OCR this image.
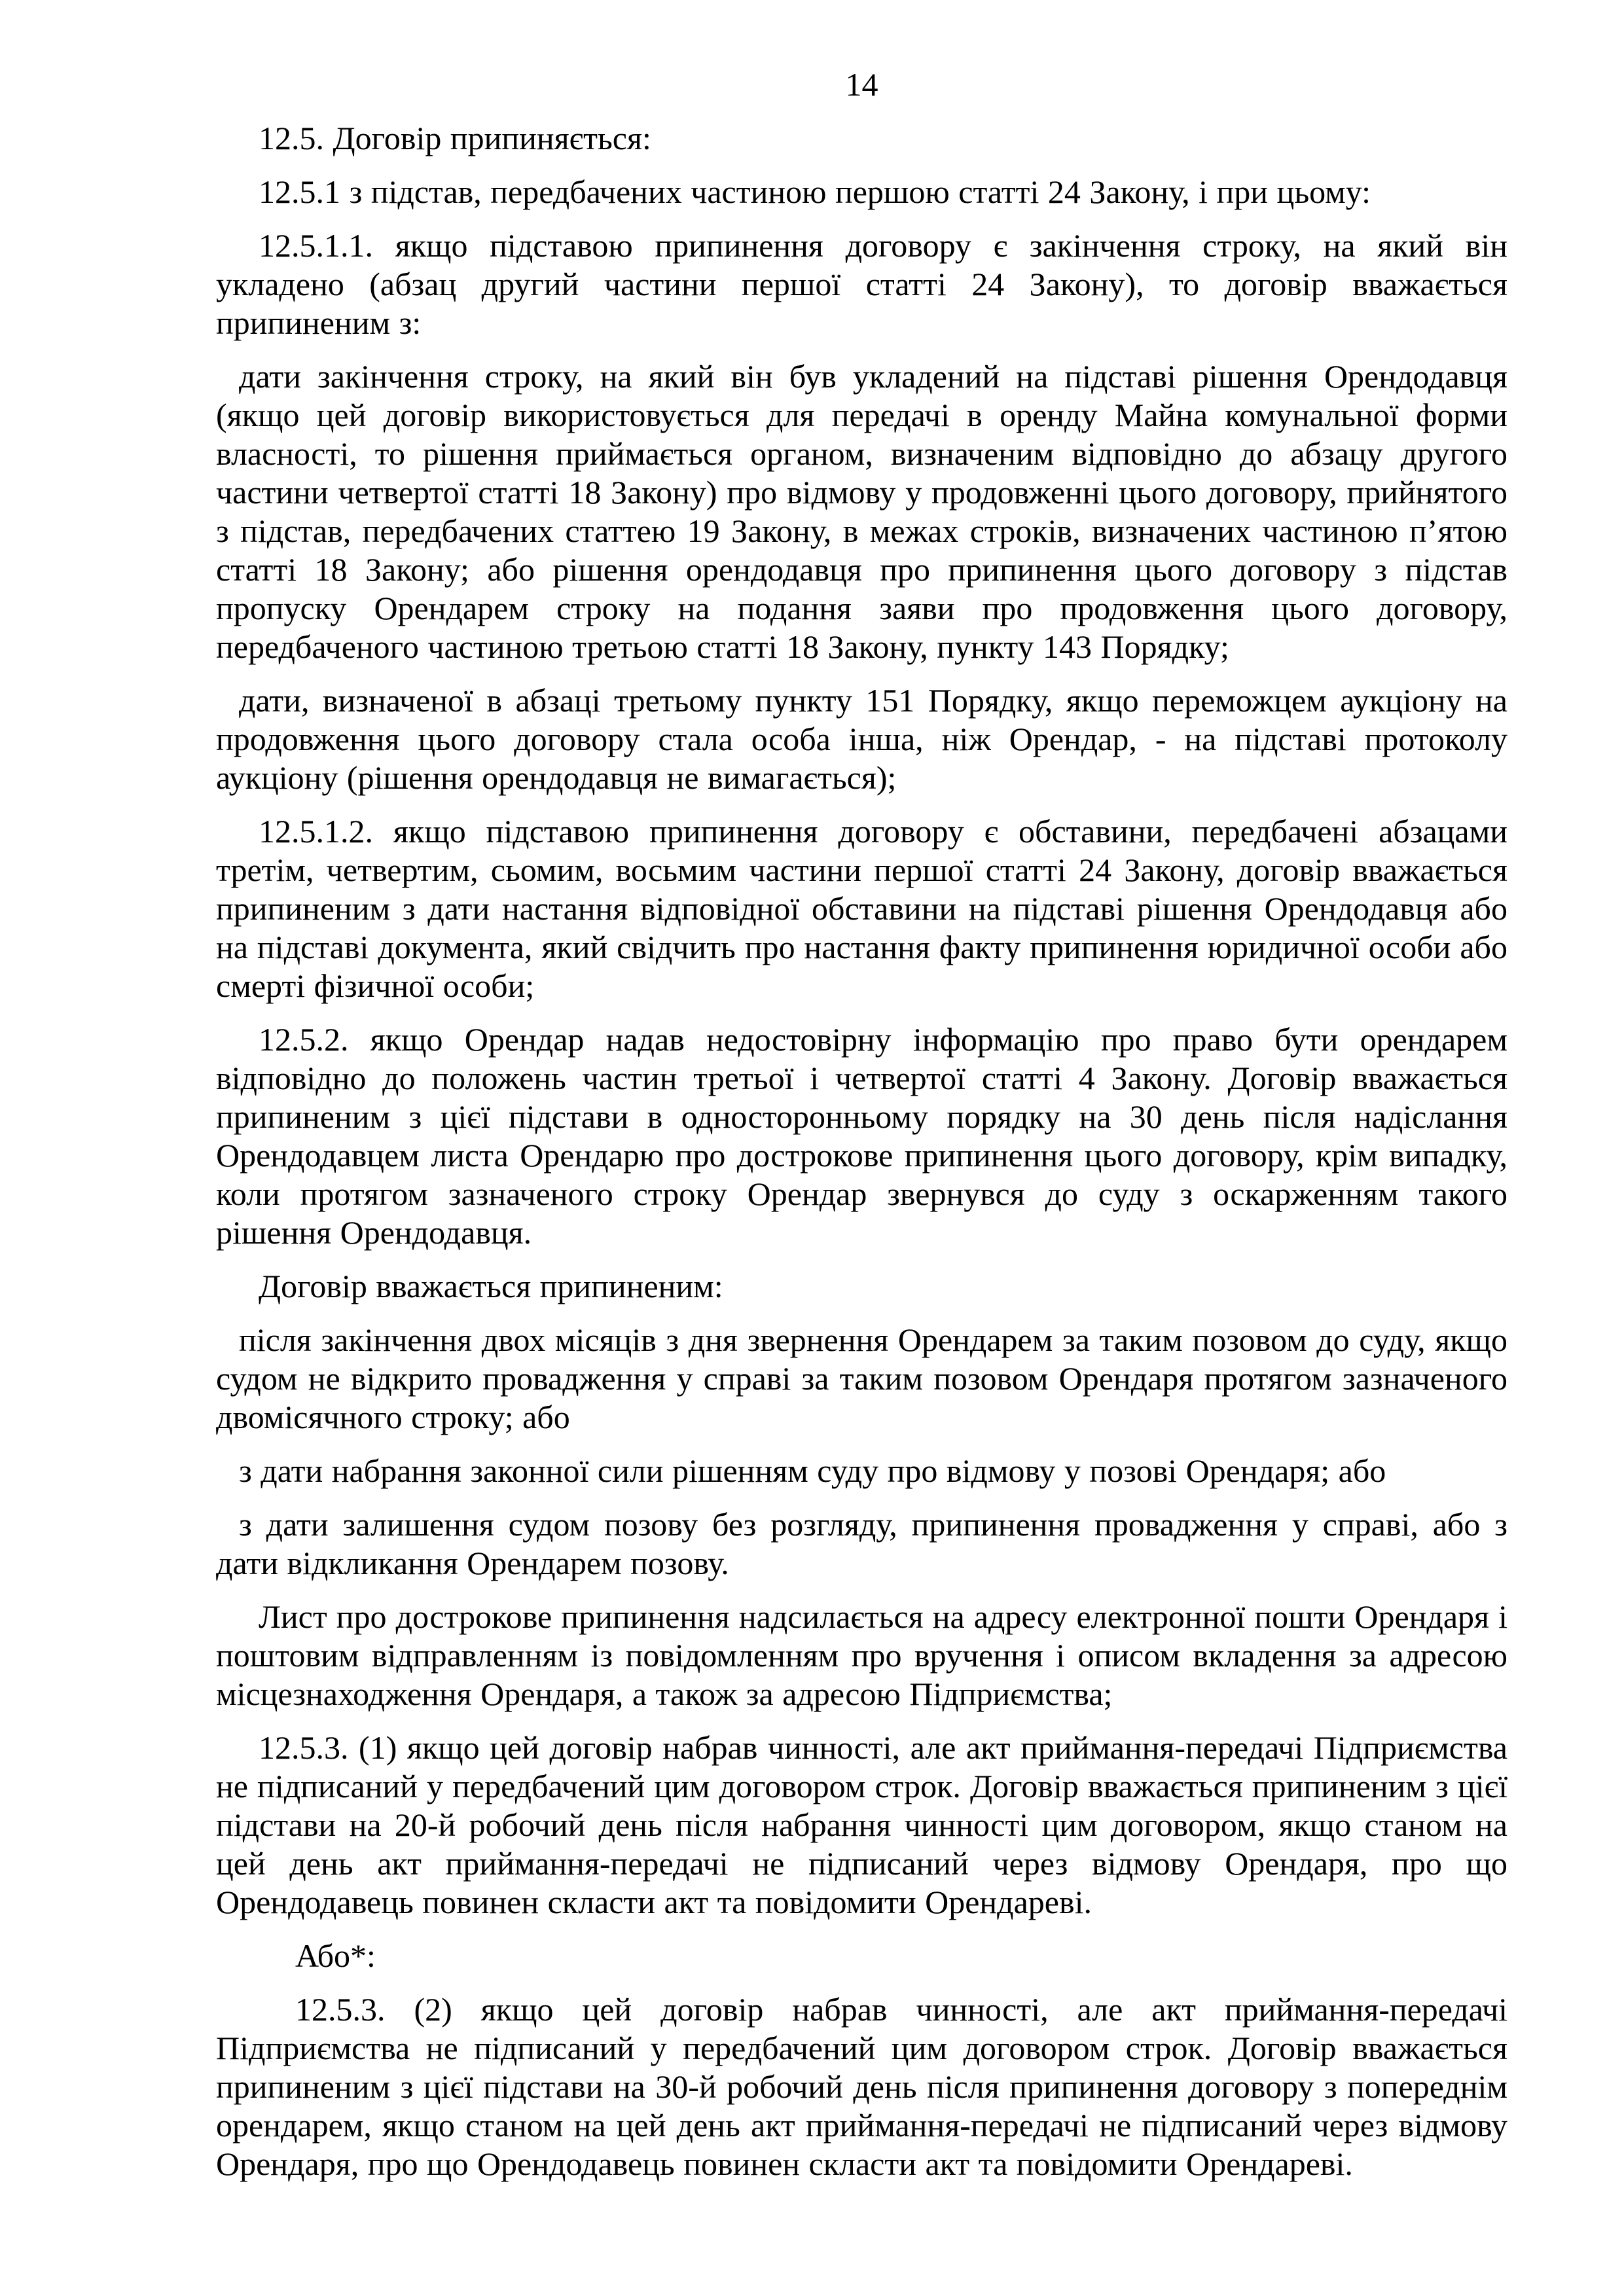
14

12.5. Договір припиняється:

12.5.1 з підстав, передбачених частиною першою статті 24 Закону, і при цьому:

12.5.1.1. якщо підставою припинення договору є закінчення строку, на який він укладено (абзац другий частини першої статті 24 Закону), то договір вважається припиненим з:

дати закінчення строку, на який він був укладений на підставі рішення Орендодавця (якщо цей договір використовується для передачі в оренду Майна комунальної форми власності, то рішення приймається органом, визначеним відповідно до абзацу другого частини четвертої статті 18 Закону) про відмову у продовженні цього договору, прийнятого з підстав, передбачених статтею 19 Закону, в межах строків, визначених частиною п’ятою статті 18 Закону; або рішення орендодавця про припинення цього договору з підстав пропуску Орендарем строку на подання заяви про продовження цього договору, передбаченого частиною третьою статті 18 Закону, пункту 143 Порядку;

дати, визначеної в абзаці третьому пункту 151 Порядку, якщо переможцем аукціону на продовження цього договору стала особа інша, ніж Орендар, - на підставі протоколу аукціону (рішення орендодавця не вимагається);

12.5.1.2. якщо підставою припинення договору є обставини, передбачені абзацами третім, четвертим, сьомим, восьмим частини першої статті 24 Закону, договір вважається припиненим з дати настання відповідної обставини на підставі рішення Орендодавця або на підставі документа, який свідчить про настання факту припинення юридичної особи або смерті фізичної особи;

12.5.2. якщо Орендар надав недостовірну інформацію про право бути орендарем відповідно до положень частин третьої і четвертої статті 4 Закону. Договір вважається припиненим з цієї підстави в односторонньому порядку на 30 день після надіслання Орендодавцем листа Орендарю про дострокове припинення цього договору, крім випадку, коли протягом зазначеного строку Орендар звернувся до суду з оскарженням такого рішення Орендодавця.

Договір вважається припиненим:

після закінчення двох місяців з дня звернення Орендарем за таким позовом до суду, якщо судом не відкрито провадження у справі за таким позовом Орендаря протягом зазначеного двомісячного строку; або

з дати набрання законної сили рішенням суду про відмову у позові Орендаря; або

з дати залишення судом позову без розгляду, припинення провадження у справі, або з дати відкликання Орендарем позову.

Лист про дострокове припинення надсилається на адресу електронної пошти Орендаря і поштовим відправленням із повідомленням про вручення і описом вкладення за адресою місцезнаходження Орендаря, а також за адресою Підприємства;

12.5.3. (1) якщо цей договір набрав чинності, але акт приймання-передачі Підприємства не підписаний у передбачений цим договором строк. Договір вважається припиненим з цієї підстави на 20-й робочий день після набрання чинності цим договором, якщо станом на цей день акт приймання-передачі не підписаний через відмову Орендаря, про що Орендодавець повинен скласти акт та повідомити Орендареві.

Або*:

12.5.3. (2) якщо цей договір набрав чинності, але акт приймання-передачі Підприємства не підписаний у передбачений цим договором строк. Договір вважається припиненим з цієї підстави на 30-й робочий день після припинення договору з попереднім орендарем, якщо станом на цей день акт приймання-передачі не підписаний через відмову Орендаря, про що Орендодавець повинен скласти акт та повідомити Орендареві.
